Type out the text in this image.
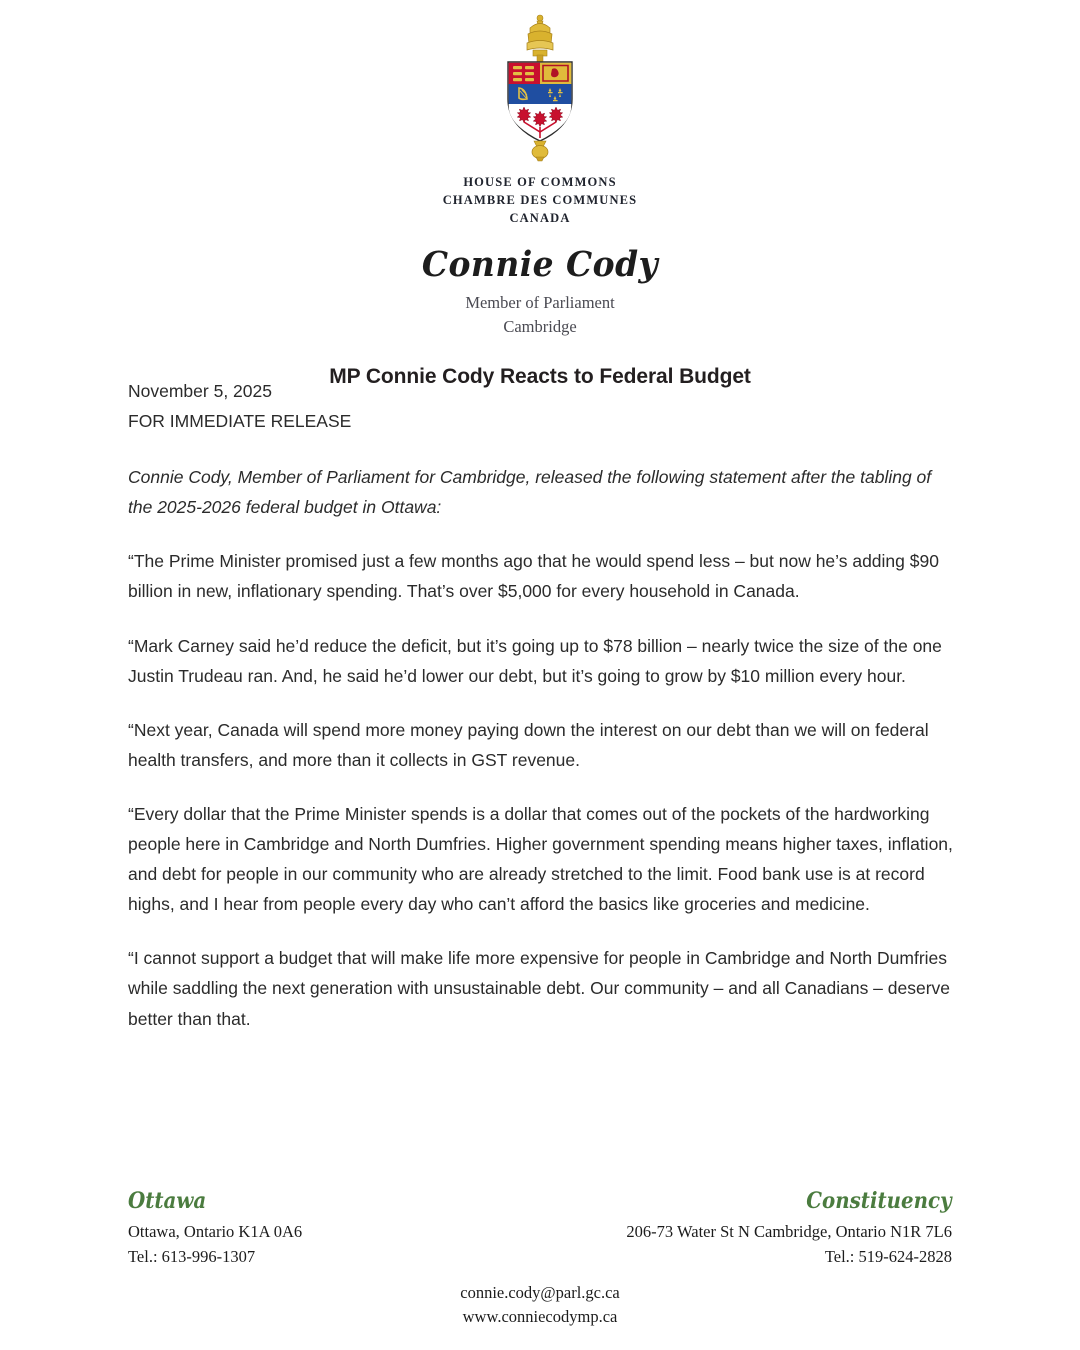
HOUSE OF COMMONS
CHAMBRE DES COMMUNES
CANADA
Connie Cody
Member of Parliament
Cambridge
MP Connie Cody Reacts to Federal Budget
November 5, 2025
FOR IMMEDIATE RELEASE

Connie Cody, Member of Parliament for Cambridge, released the following statement after the tabling of the 2025-2026 federal budget in Ottawa:

“The Prime Minister promised just a few months ago that he would spend less – but now he’s adding $90 billion in new, inflationary spending. That’s over $5,000 for every household in Canada.

“Mark Carney said he’d reduce the deficit, but it’s going up to $78 billion – nearly twice the size of the one Justin Trudeau ran. And, he said he’d lower our debt, but it’s going to grow by $10 million every hour.

“Next year, Canada will spend more money paying down the interest on our debt than we will on federal health transfers, and more than it collects in GST revenue.

“Every dollar that the Prime Minister spends is a dollar that comes out of the pockets of the hardworking people here in Cambridge and North Dumfries. Higher government spending means higher taxes, inflation, and debt for people in our community who are already stretched to the limit. Food bank use is at record highs, and I hear from people every day who can’t afford the basics like groceries and medicine.

“I cannot support a budget that will make life more expensive for people in Cambridge and North Dumfries while saddling the next generation with unsustainable debt. Our community – and all Canadians – deserve better than that.

Ottawa
Ottawa, Ontario K1A 0A6
Tel.: 613-996-1307
Constituency
206-73 Water St N Cambridge, Ontario N1R 7L6
Tel.: 519-624-2828
connie.cody@parl.gc.ca
www.conniecodymp.ca
